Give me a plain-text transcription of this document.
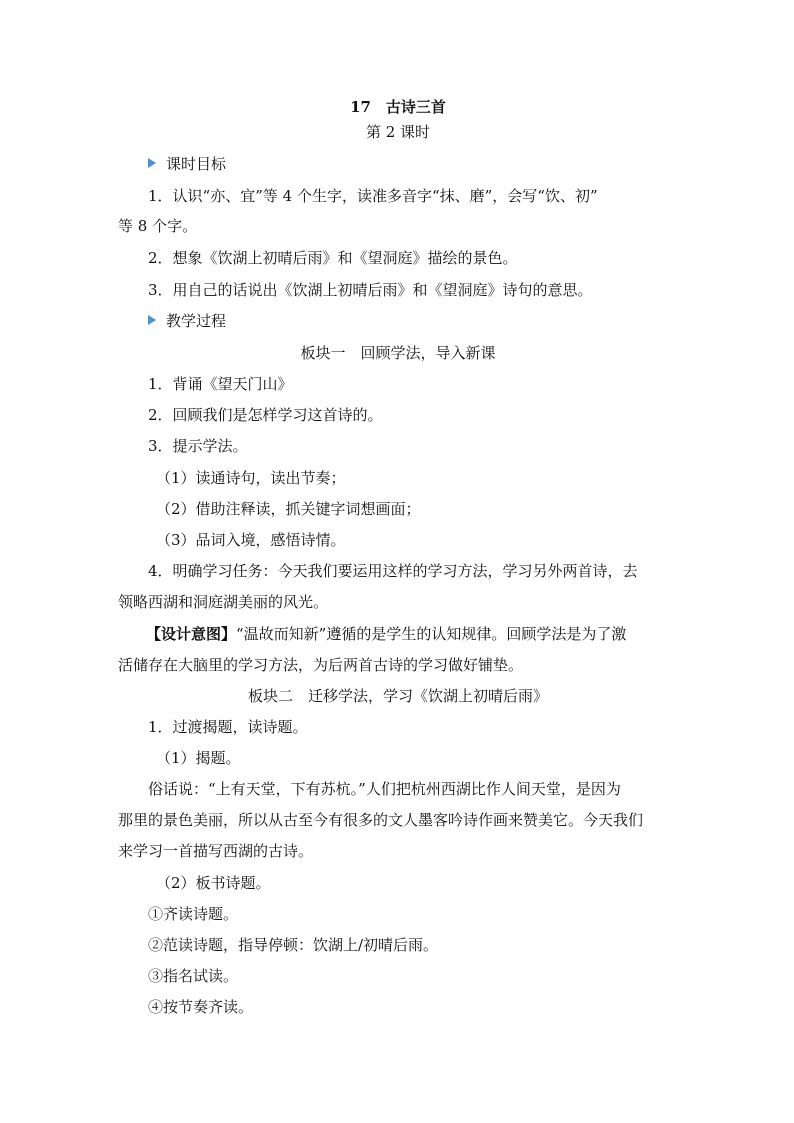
17　古诗三首
第 2 课时
课时目标
1．认识“亦、宜”等 4 个生字，读准多音字“抹、磨”，会写“饮、初”
等 8 个字。
2．想象《饮湖上初晴后雨》和《望洞庭》描绘的景色。
3．用自己的话说出《饮湖上初晴后雨》和《望洞庭》诗句的意思。
教学过程
板块一　回顾学法，导入新课
1．背诵《望天门山》
2．回顾我们是怎样学习这首诗的。
3．提示学法。
（1）读通诗句，读出节奏；
（2）借助注释读，抓关键字词想画面；
（3）品词入境，感悟诗情。
4．明确学习任务：今天我们要运用这样的学习方法，学习另外两首诗，去
领略西湖和洞庭湖美丽的风光。
【设计意图】“温故而知新”遵循的是学生的认知规律。回顾学法是为了激
活储存在大脑里的学习方法，为后两首古诗的学习做好铺垫。
板块二　迁移学法，学习《饮湖上初晴后雨》
1．过渡揭题，读诗题。
（1）揭题。
俗话说：“上有天堂，下有苏杭。”人们把杭州西湖比作人间天堂，是因为
那里的景色美丽，所以从古至今有很多的文人墨客吟诗作画来赞美它。今天我们
来学习一首描写西湖的古诗。
（2）板书诗题。
①齐读诗题。
②范读诗题，指导停顿：饮湖上/初晴后雨。
③指名试读。
④按节奏齐读。
